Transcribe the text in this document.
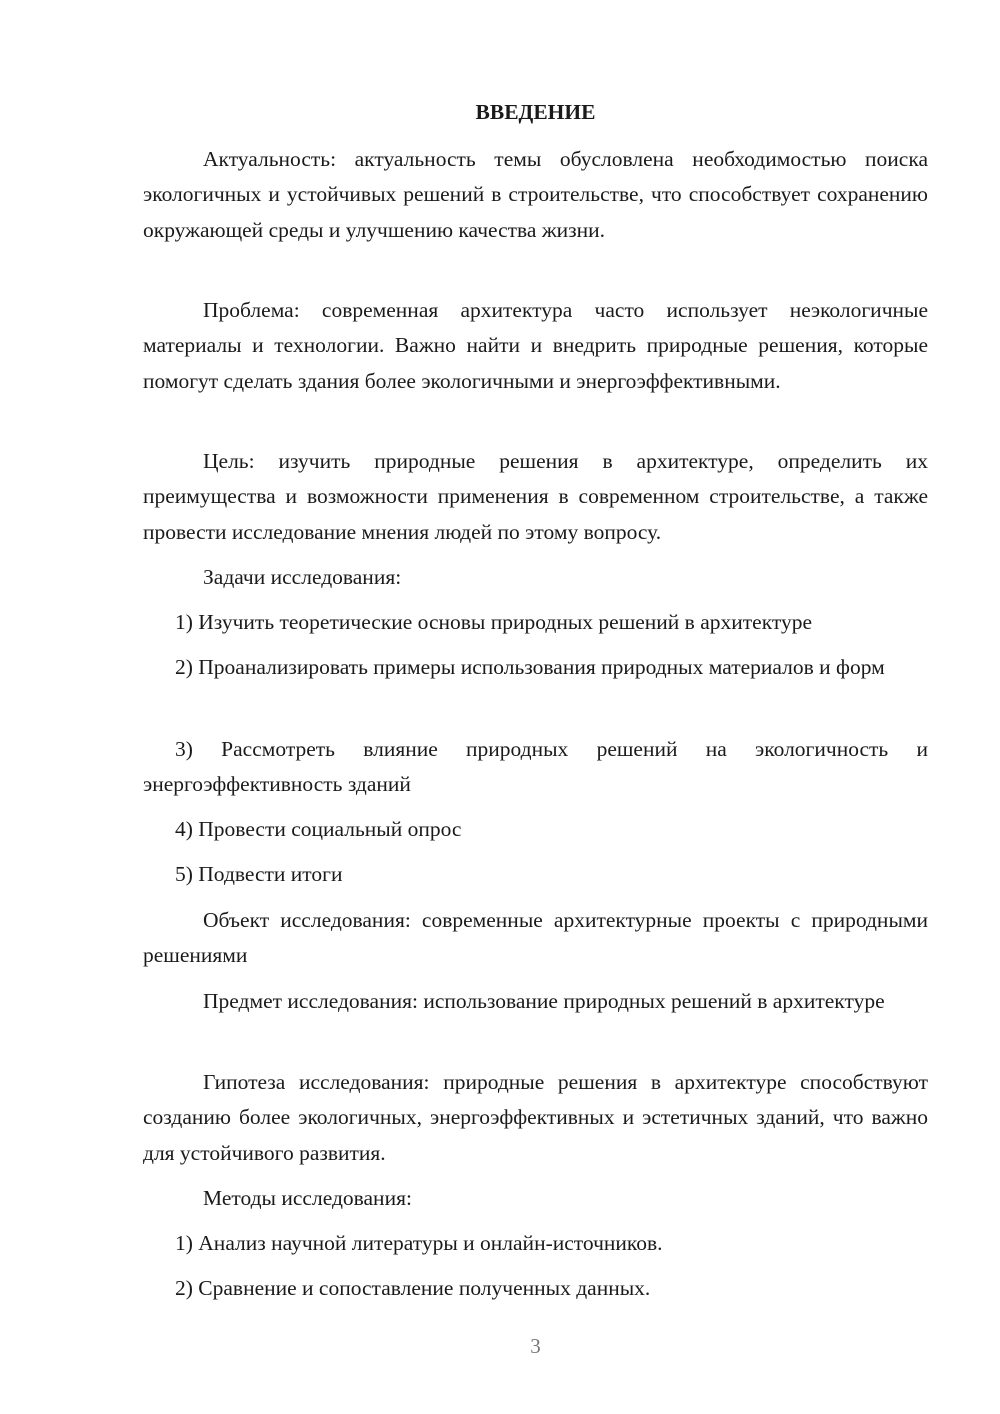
ВВЕДЕНИЕ

Актуальность: актуальность темы обусловлена необходимостью поиска экологичных и устойчивых решений в строительстве, что способствует сохранению окружающей среды и улучшению качества жизни.

Проблема: современная архитектура часто использует неэкологичные материалы и технологии. Важно найти и внедрить природные решения, которые помогут сделать здания более экологичными и энергоэффективными.

Цель: изучить природные решения в архитектуре, определить их преимущества и возможности применения в современном строительстве, а также провести исследование мнения людей по этому вопросу.

Задачи исследования:

1) Изучить теоретические основы природных решений в архитектуре

2) Проанализировать примеры использования природных материалов и форм

3) Рассмотреть влияние природных решений на экологичность и энергоэффективность зданий

4) Провести социальный опрос

5) Подвести итоги

Объект исследования: современные архитектурные проекты с природными решениями

Предмет исследования: использование природных решений в архитектуре

Гипотеза исследования: природные решения в архитектуре способствуют созданию более экологичных, энергоэффективных и эстетичных зданий, что важно для устойчивого развития.

Методы исследования:

1) Анализ научной литературы и онлайн-источников.

2) Сравнение и сопоставление полученных данных.

3
